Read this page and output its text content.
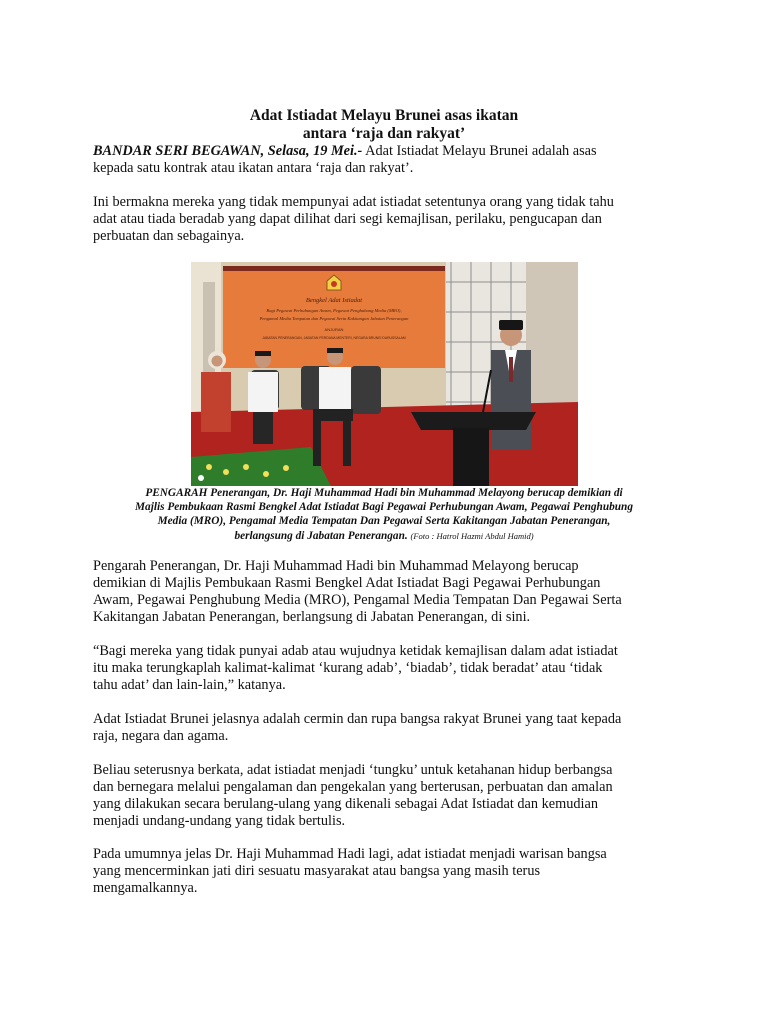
Adat Istiadat Melayu Brunei asas ikatan
antara ‘raja dan rakyat’
BANDAR SERI BEGAWAN, Selasa, 19 Mei.- Adat Istiadat Melayu Brunei adalah asas
kepada satu kontrak atau ikatan antara ‘raja dan rakyat’.
Ini bermakna mereka yang tidak mempunyai adat istiadat setentunya orang yang tidak tahu
adat atau tiada beradab yang dapat dilihat dari segi kemajlisan, perilaku, pengucapan dan
perbuatan dan sebagainya.
Bengkel Adat Istiadat
Bagi Pegawai Perhubungan Awam, Pegawai Penghubung Media (MRO),
Pengamal Media Tempatan dan Pegawai Serta Kakitangan Jabatan Penerangan
ANJURAN
JABATAN PENERANGAN, JABATAN PERDANA MENTERI, NEGARA BRUNEI DARUSSALAM
PENGARAH Penerangan, Dr. Haji Muhammad Hadi bin Muhammad Melayong berucap demikian di
Majlis Pembukaan Rasmi Bengkel Adat Istiadat Bagi Pegawai Perhubungan Awam, Pegawai Penghubung
Media (MRO), Pengamal Media Tempatan Dan Pegawai Serta Kakitangan Jabatan Penerangan,
berlangsung di Jabatan Penerangan. (Foto : Hatrol Hazmi Abdul Hamid)
Pengarah Penerangan, Dr. Haji Muhammad Hadi bin Muhammad Melayong berucap
demikian di Majlis Pembukaan Rasmi Bengkel Adat Istiadat Bagi Pegawai Perhubungan
Awam, Pegawai Penghubung Media (MRO), Pengamal Media Tempatan Dan Pegawai Serta
Kakitangan Jabatan Penerangan, berlangsung di Jabatan Penerangan, di sini.
“Bagi mereka yang tidak punyai adab atau wujudnya ketidak kemajlisan dalam adat istiadat
itu maka terungkaplah kalimat-kalimat ‘kurang adab’, ‘biadab’, tidak beradat’ atau ‘tidak
tahu adat’ dan lain-lain,” katanya.
Adat Istiadat Brunei jelasnya adalah cermin dan rupa bangsa rakyat Brunei yang taat kepada
raja, negara dan agama.
Beliau seterusnya berkata, adat istiadat menjadi ‘tungku’ untuk ketahanan hidup berbangsa
dan bernegara melalui pengalaman dan pengekalan yang berterusan, perbuatan dan amalan
yang dilakukan secara berulang-ulang yang dikenali sebagai Adat Istiadat dan kemudian
menjadi undang-undang yang tidak bertulis.
Pada umumnya jelas Dr. Haji Muhammad Hadi lagi, adat istiadat menjadi warisan bangsa
yang mencerminkan jati diri sesuatu masyarakat atau bangsa yang masih terus
mengamalkannya.
